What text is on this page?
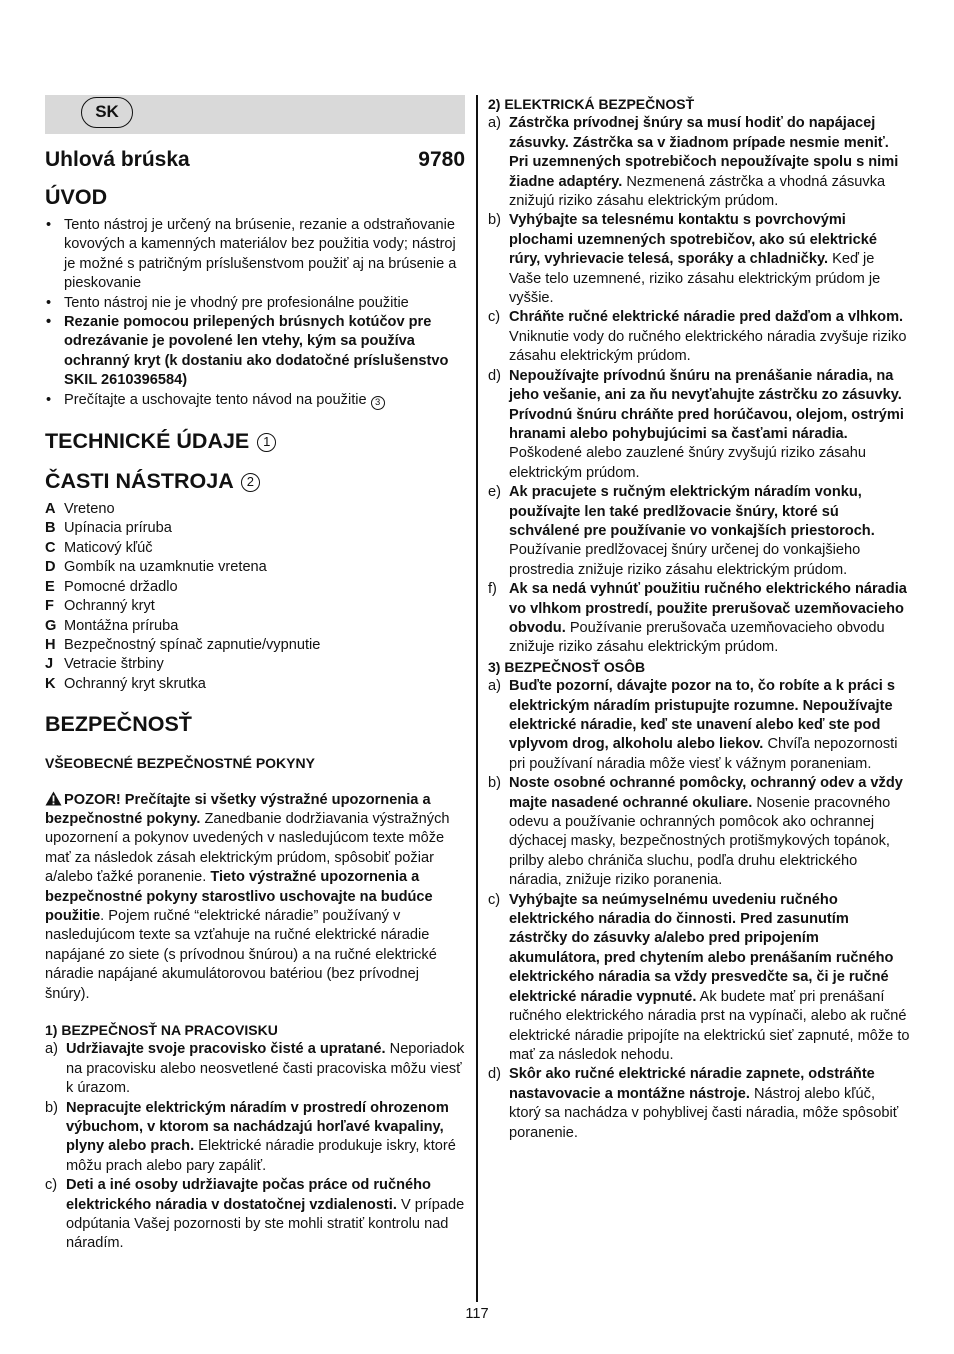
SK
Uhlová brúska	9780
ÚVOD
• Tento nástroj je určený na brúsenie, rezanie a odstraňovanie kovových a kamenných materiálov bez použitia vody; nástroj je možné s patričným príslušenstvom použiť aj na brúsenie a pieskovanie
• Tento nástroj nie je vhodný pre profesionálne použitie
• Rezanie pomocou prilepených brúsnych kotúčov pre odrezávanie je povolené len vtehy, kým sa používa ochranný kryt (k dostaniu ako dodatočné príslušenstvo SKIL 2610396584)
• Prečítajte a uschovajte tento návod na použitie 3
TECHNICKÉ ÚDAJE 1
ČASTI NÁSTROJA 2
A Vreteno
B Upínacia príruba
C Maticový kľúč
D Gombík na uzamknutie vretena
E Pomocné držadlo
F Ochranný kryt
G Montážna príruba
H Bezpečnostný spínač zapnutie/vypnutie
J Vetracie štrbiny
K Ochranný kryt skrutka
BEZPEČNOSŤ
VŠEOBECNÉ BEZPEČNOSTNÉ POKYNY

POZOR! Prečítajte si všetky výstražné upozornenia a bezpečnostné pokyny. Zanedbanie dodržiavania výstražných upozornení a pokynov uvedených v nasledujúcom texte môže mať za následok zásah elektrickým prúdom, spôsobiť požiar a/alebo ťažké poranenie. Tieto výstražné upozornenia a bezpečnostné pokyny starostlivo uschovajte na budúce použitie. Pojem ručné “elektrické náradie” používaný v nasledujúcom texte sa vzťahuje na ručné elektrické náradie napájané zo siete (s prívodnou šnúrou) a na ručné elektrické náradie napájané akumulátorovou batériou (bez prívodnej šnúry).

1) BEZPEČNOSŤ NA PRACOVISKU
a) Udržiavajte svoje pracovisko čisté a upratané. Neporiadok na pracovisku alebo neosvetlené časti pracoviska môžu viesť k úrazom.
b) Nepracujte elektrickým náradím v prostredí ohrozenom výbuchom, v ktorom sa nachádzajú horľavé kvapaliny, plyny alebo prach. Elektrické náradie produkuje iskry, ktoré môžu prach alebo pary zapáliť.
c) Deti a iné osoby udržiavajte počas práce od ručného elektrického náradia v dostatočnej vzdialenosti. V prípade odpútania Vašej pozornosti by ste mohli stratiť kontrolu nad náradím.
2) ELEKTRICKÁ BEZPEČNOSŤ
a) Zástrčka prívodnej šnúry sa musí hodiť do napájacej zásuvky. Zástrčka sa v žiadnom prípade nesmie meniť. Pri uzemnených spotrebičoch nepoužívajte spolu s nimi žiadne adaptéry. Nezmenená zástrčka a vhodná zásuvka znižujú riziko zásahu elektrickým prúdom.
b) Vyhýbajte sa telesnému kontaktu s povrchovými plochami uzemnených spotrebičov, ako sú elektrické rúry, vyhrievacie telesá, sporáky a chladničky. Keď je Vaše telo uzemnené, riziko zásahu elektrickým prúdom je vyššie.
c) Chráňte ručné elektrické náradie pred dažďom a vlhkom. Vniknutie vody do ručného elektrického náradia zvyšuje riziko zásahu elektrickým prúdom.
d) Nepoužívajte prívodnú šnúru na prenášanie náradia, na jeho vešanie, ani za ňu nevyťahujte zástrčku zo zásuvky. Prívodnú šnúru chráňte pred horúčavou, olejom, ostrými hranami alebo pohybujúcimi sa časťami náradia. Poškodené alebo zauzlené šnúry zvyšujú riziko zásahu elektrickým prúdom.
e) Ak pracujete s ručným elektrickým náradím vonku, používajte len také predlžovacie šnúry, ktoré sú schválené pre používanie vo vonkajších priestoroch. Používanie predlžovacej šnúry určenej do vonkajšieho prostredia znižuje riziko zásahu elektrickým prúdom.
f) Ak sa nedá vyhnúť použitiu ručného elektrického náradia vo vlhkom prostredí, použite prerušovač uzemňovacieho obvodu. Používanie prerušovača uzemňovacieho obvodu znižuje riziko zásahu elektrickým prúdom.
3) BEZPEČNOSŤ OSÔB
a) Buďte pozorní, dávajte pozor na to, čo robíte a k práci s elektrickým náradím pristupujte rozumne. Nepoužívajte elektrické náradie, keď ste unavení alebo keď ste pod vplyvom drog, alkoholu alebo liekov. Chvíľa nepozornosti pri používaní náradia môže viesť k vážnym poraneniam.
b) Noste osobné ochranné pomôcky, ochranný odev a vždy majte nasadené ochranné okuliare. Nosenie pracovného odevu a používanie ochranných pomôcok ako ochrannej dýchacej masky, bezpečnostných protišmykových topánok, prilby alebo chrániča sluchu, podľa druhu elektrického náradia, znižuje riziko poranenia.
c) Vyhýbajte sa neúmyselnému uvedeniu ručného elektrického náradia do činnosti. Pred zasunutím zástrčky do zásuvky a/alebo pred pripojením akumulátora, pred chytením alebo prenášaním ručného elektrického náradia sa vždy presvedčte sa, či je ručné elektrické náradie vypnuté. Ak budete mať pri prenášaní ručného elektrického náradia prst na vypínači, alebo ak ručné elektrické náradie pripojíte na elektrickú sieť zapnuté, môže to mať za následok nehodu.
d) Skôr ako ručné elektrické náradie zapnete, odstráňte nastavovacie a montážne nástroje. Nástroj alebo kľúč, ktorý sa nachádza v pohyblivej časti náradia, môže spôsobiť poranenie.
117
